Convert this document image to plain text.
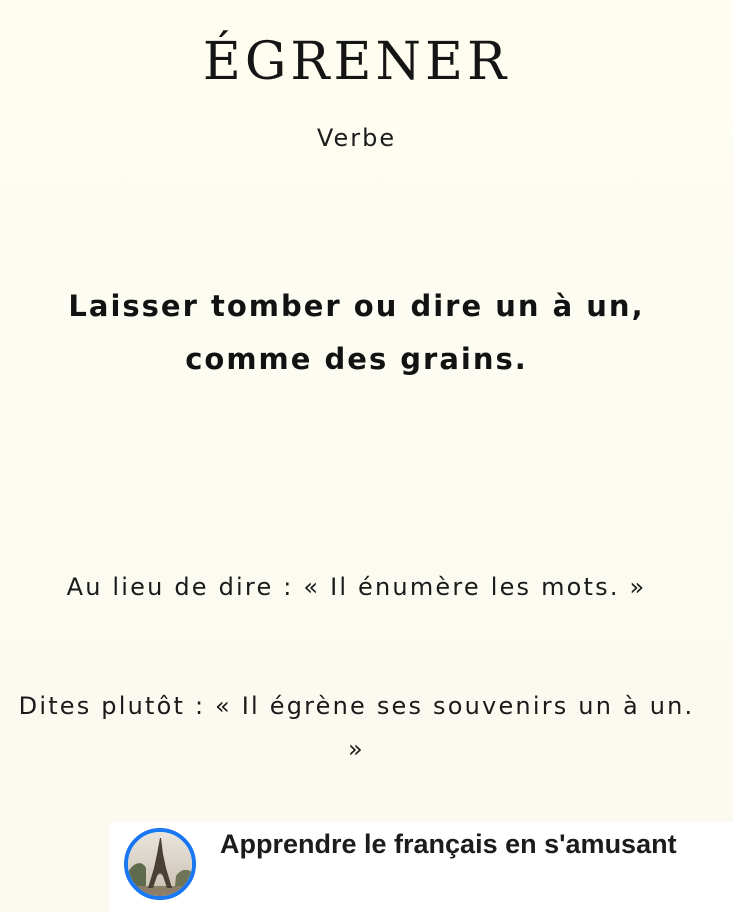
ÉGRENER
Verbe
Laisser tomber ou dire un à un,
comme des grains.
Au lieu de dire : « Il énumère les mots. »
Dites plutôt : « Il égrène ses souvenirs un à un. »
Apprendre le français en s'amusant
